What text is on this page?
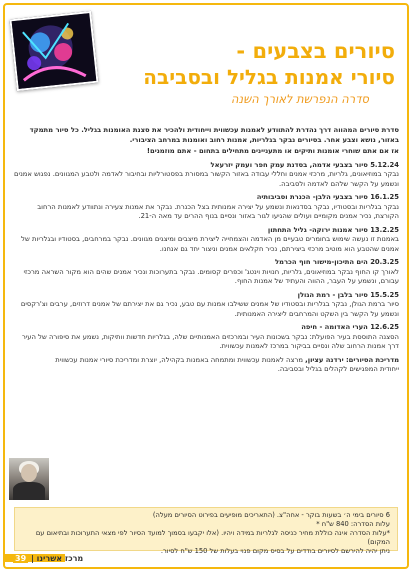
סיורים בצבעים -
סיורי אמנות בגליל ובסביבה
סדרה הנפרשת לאורך השנה

סדרת סיורים המהווה דרך נהדרת להתוודע לאמנות עכשווית וייחודית ולהכיר את סצנת האומנות בגליל. כל סיור מתמקד באזור, נושא וצבע אחר. בסיורים נבקר בגלריות, אמנות רחוב ואומנות במרחב הציבורי.

אז אם אתם שוחרי אומנות ותיקים או מתעניינים מתחילים בתחום - אתם מוזמנים!

5.12.24 סיור בצבעי אדמה, בסדנת עמק חפר ועמק יזרעאל
נבקר במוזיאונים, גלריות, מרכזי אמנים וחללי עבודה באזור הקשור במסורת בפסטורליות ובחיבור לאדמה ולטבע המגוונים. נפגוש אמנים ונשמע על הקשר שלהם לאדמה ולסביבה.
16.1.25 סיור בצבעי הלבן- הכנרת וסביבותיה
נבקר בגלריות ובסטודיו, נבקר בסדנאות ונשמע על יצירה אמנותית בצל הכנרת. נבקר את אמנות צעירה ונתוודע לאמנות הרחוב הקורצת, נכיר אמנים מקומיים ועולים שהגיעו לגור באזור ונסיים בנוף ההרים עד מאה ה-21.
13.2.25 סיור אמנות ירוקה- גליל התחתון
באמנות זו נעשה שימוש בחומרים טבעיים מן האדמה והצמחייה ליצירת מיצבים ומיצגים מגוונים. נבקר במרחבים, בסטודיו ובגלריות של אמנים שהטבע הוא מוטיב מרכזי ביצירתם, נכיר חקלאים אמנים וניצור יחד גם אנחנו.
20.3.25 הים התיכון-מישור חוף הכרמל
לאורך קו החוף נבקר במוזיאונים, גלריות, חנויות וינטג' וכפרים קסומים. נבקר בתערוכות ונכיר אמנים שהים הוא מקור השראה מרכזי עבורם, ונשמע על העבר, ההווה והעתיד של אמנות החוף.
15.5.25 סיור בלבן - רמת הגולן
סיור ברמת הגולן, נבקר בגלריות ובסטודיו של אמנים ששילבו אמנות עם טבע, נכיר גם את יצירתם של אמנים דרוזים, ערבים וצ'רקסים ונשמע על הקשר בין השקט והמרחבים ליצירה האמנותית.
12.6.25 הערי האדומה - חיפה
הסצנה התוססת בעיר הפועלת: נבקר בשכונות העיר ובמרכזים האמנותיים שלה, בגלריות חדשות וותיקות, נשמע את סיפורה של העיר דרך אמנות הרחוב שלה ונסיים בביקור במרכז לאמנות עכשווית.
מדריכת הסיורים: ירדנה עציון, מרצה לאמנות עכשווית ומתמחה באמנות בקהילה, יוצרת ומדריכת סיורי אמנות עכשווית ייחודית המפגישים לקהלים בגליל ובסביבה.
6 סיורים בימי ה׳ בשעות בוקר - אחה"צ. (התאריכים מופיעים בפירוט הסיורים מעלה)
עלות הסדרה: 840 ש"ח *
*עלות הסדרה אינה כוללת מחיר כניסה לגלריות במידה ויהיו. (אלו יקבעו בסמוך למועד הסיור לפי מצאי התערוכות ובתיאום עם המקום)
ניתן יהיה להירשם לסיורים בודדים על בסיס מקום פנוי בעלות של 150 ש"ח לסיור.
39 | מרכז אשרינו
